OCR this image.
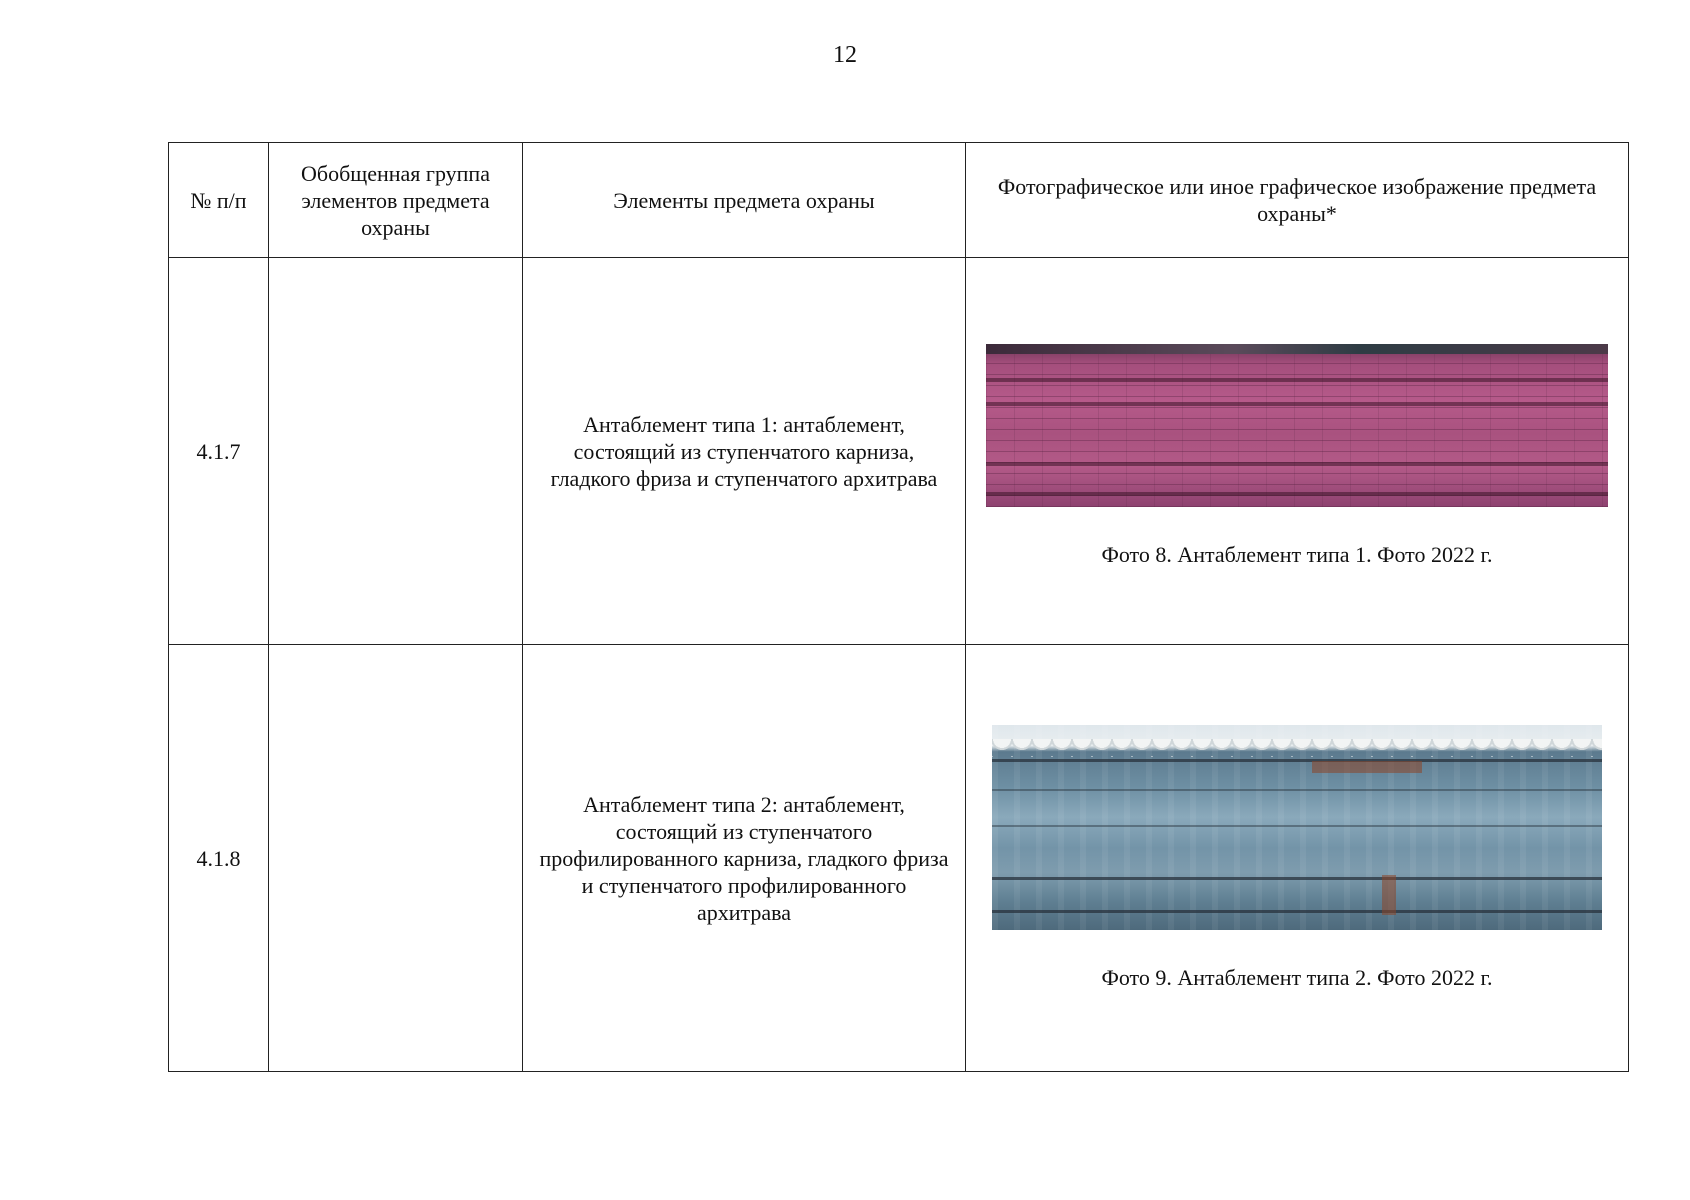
12
№ п/п	Обобщенная группа элементов предмета охраны	Элементы предмета охраны	Фотографическое или иное графическое изображение предмета охраны*
4.1.7		Антаблемент типа 1: антаблемент, состоящий из ступенчатого карниза, гладкого фриза и ступенчатого архитрава	Фото 8. Антаблемент типа 1. Фото 2022 г.

4.1.8		Антаблемент типа 2: антаблемент, состоящий из ступенчатого профилированного карниза, гладкого фриза и ступенчатого профилированного архитрава	Фото 9. Антаблемент типа 2. Фото 2022 г.
